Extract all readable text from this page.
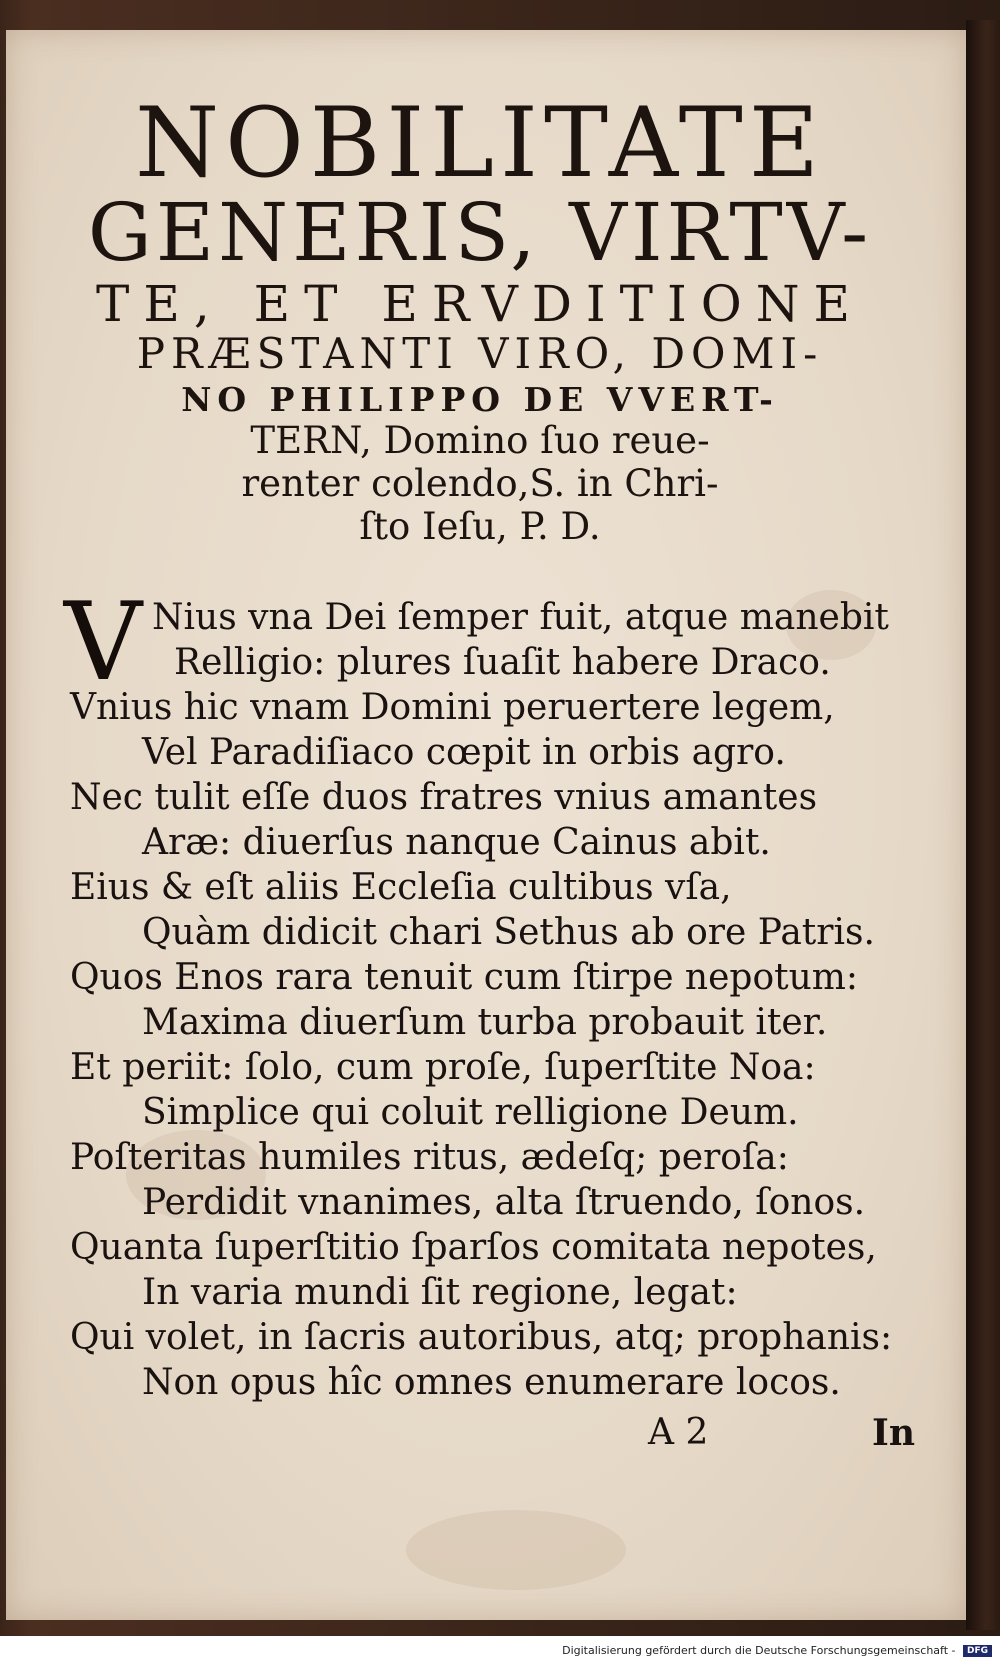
NOBILITATE
GENERIS, VIRTV-
TE, ET ERVDITIONE
PRÆSTANTI VIRO, DOMI-
NO PHILIPPO DE VVERT-
TERN, Domino ſuo reue-
renter colendo,S. in Chri-
ſto Ieſu, P. D.
V Nius vna Dei ſemper fuit, atque manebit
Relligio: plures ſuaſit habere Draco.
Vnius hic vnam Domini peruertere legem,
Vel Paradiſiaco cœpit in orbis agro.
Nec tulit eſſe duos fratres vnius amantes
Aræ: diuerſus nanque Cainus abit.
Eius & eſt aliis Eccleſia cultibus vſa,
Quàm didicit chari Sethus ab ore Patris.
Quos Enos rara tenuit cum ſtirpe nepotum:
Maxima diuerſum turba probauit iter.
Et periit: ſolo, cum proſe, ſuperſtite Noa:
Simplice qui coluit relligione Deum.
Poſteritas humiles ritus, ædeſq; peroſa:
Perdidit vnanimes, alta ſtruendo, ſonos.
Quanta ſuperſtitio ſparſos comitata nepotes,
In varia mundi ſit regione, legat:
Qui volet, in ſacris autoribus, atq; prophanis:
Non opus hîc omnes enumerare locos.
A 2	In
Digitalisierung gefördert durch die Deutsche Forschungsgemeinschaft - DFG
